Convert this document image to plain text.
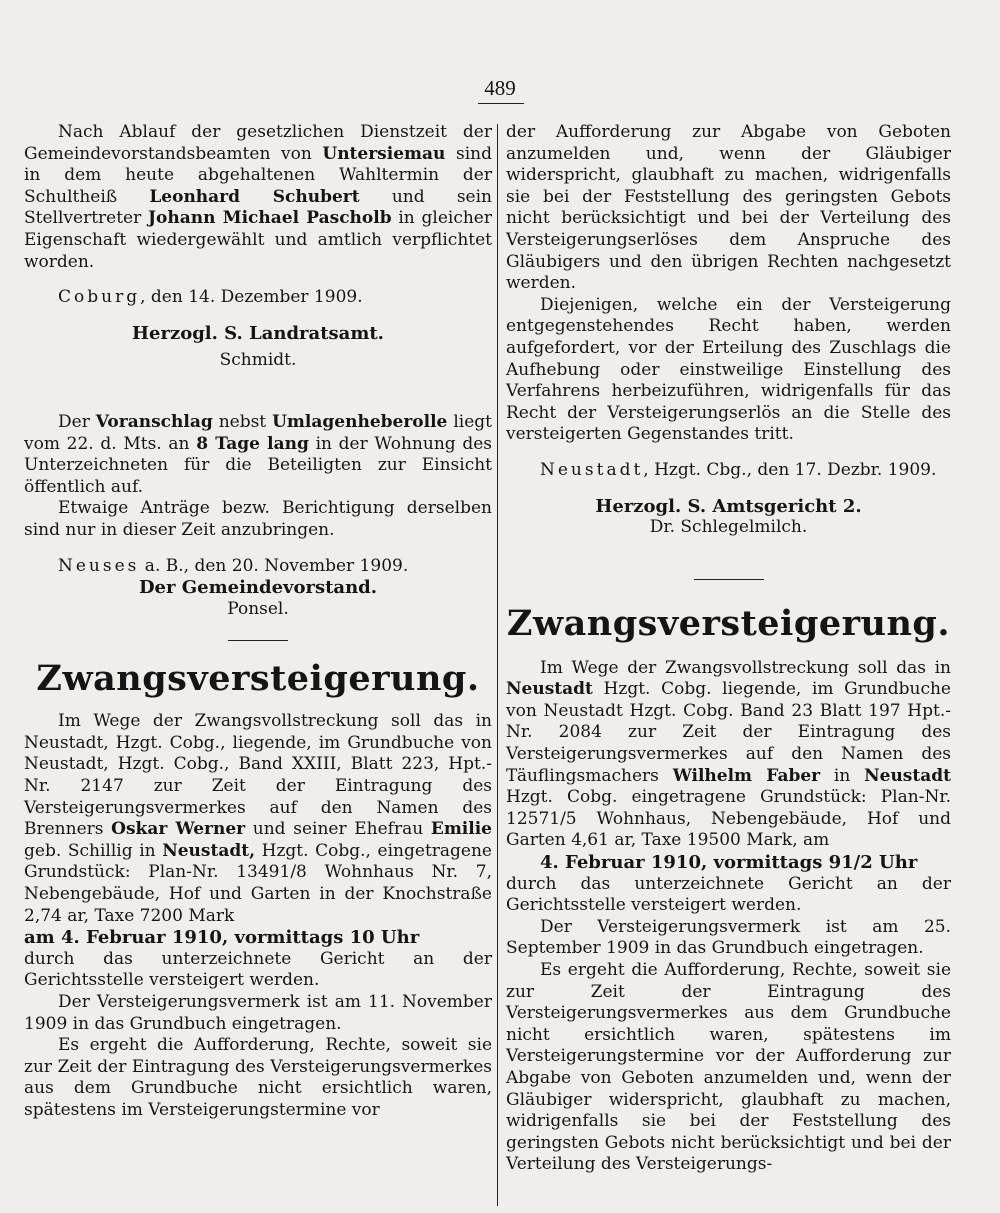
489

Nach Ablauf der gesetzlichen Dienstzeit der Gemeindevorstandsbeamten von Untersiemau sind in dem heute abgehaltenen Wahltermin der Schultheiß Leonhard Schubert und sein Stellvertreter Johann Michael Pascholb in gleicher Eigenschaft wiedergewählt und amtlich verpflichtet worden.

Coburg, den 14. Dezember 1909.

Herzogl. S. Landratsamt.

Schmidt.

Der Voranschlag nebst Umlagenheberolle liegt vom 22. d. Mts. an 8 Tage lang in der Wohnung des Unterzeichneten für die Beteiligten zur Einsicht öffentlich auf.

Etwaige Anträge bezw. Berichtigung derselben sind nur in dieser Zeit anzubringen.

Neuses a. B., den 20. November 1909.

Der Gemeindevorstand.

Ponsel.

Zwangsversteigerung.

Im Wege der Zwangsvollstreckung soll das in Neustadt, Hzgt. Cobg., liegende, im Grundbuche von Neustadt, Hzgt. Cobg., Band XXIII, Blatt 223, Hpt.-Nr. 2147 zur Zeit der Eintragung des Versteigerungsvermerkes auf den Namen des Brenners Oskar Werner und seiner Ehefrau Emilie geb. Schillig in Neustadt, Hzgt. Cobg., eingetragene Grundstück: Plan-Nr. 13491/8 Wohnhaus Nr. 7, Nebengebäude, Hof und Garten in der Knochstraße 2,74 ar, Taxe 7200 Mark

am 4. Februar 1910, vormittags 10 Uhr

durch das unterzeichnete Gericht an der Gerichtsstelle versteigert werden.

Der Versteigerungsvermerk ist am 11. November 1909 in das Grundbuch eingetragen.

Es ergeht die Aufforderung, Rechte, soweit sie zur Zeit der Eintragung des Versteigerungsvermerkes aus dem Grundbuche nicht ersichtlich waren, spätestens im Versteigerungstermine vor

der Aufforderung zur Abgabe von Geboten anzumelden und, wenn der Gläubiger widerspricht, glaubhaft zu machen, widrigenfalls sie bei der Feststellung des geringsten Gebots nicht berücksichtigt und bei der Verteilung des Versteigerungserlöses dem Anspruche des Gläubigers und den übrigen Rechten nachgesetzt werden.

Diejenigen, welche ein der Versteigerung entgegenstehendes Recht haben, werden aufgefordert, vor der Erteilung des Zuschlags die Aufhebung oder einstweilige Einstellung des Verfahrens herbeizuführen, widrigenfalls für das Recht der Versteigerungserlös an die Stelle des versteigerten Gegenstandes tritt.

Neustadt, Hzgt. Cbg., den 17. Dezbr. 1909.

Herzogl. S. Amtsgericht 2.

Dr. Schlegelmilch.

Zwangsversteigerung.

Im Wege der Zwangsvollstreckung soll das in Neustadt Hzgt. Cobg. liegende, im Grundbuche von Neustadt Hzgt. Cobg. Band 23 Blatt 197 Hpt.-Nr. 2084 zur Zeit der Eintragung des Versteigerungsvermerkes auf den Namen des Täuflingsmachers Wilhelm Faber in Neustadt Hzgt. Cobg. eingetragene Grundstück: Plan-Nr. 12571/5 Wohnhaus, Nebengebäude, Hof und Garten 4,61 ar, Taxe 19500 Mark, am

4. Februar 1910, vormittags 91/2 Uhr

durch das unterzeichnete Gericht an der Gerichtsstelle versteigert werden.

Der Versteigerungsvermerk ist am 25. September 1909 in das Grundbuch eingetragen.

Es ergeht die Aufforderung, Rechte, soweit sie zur Zeit der Eintragung des Versteigerungsvermerkes aus dem Grundbuche nicht ersichtlich waren, spätestens im Versteigerungstermine vor der Aufforderung zur Abgabe von Geboten anzumelden und, wenn der Gläubiger widerspricht, glaubhaft zu machen, widrigenfalls sie bei der Feststellung des geringsten Gebots nicht berücksichtigt und bei der Verteilung des Versteigerungs-
